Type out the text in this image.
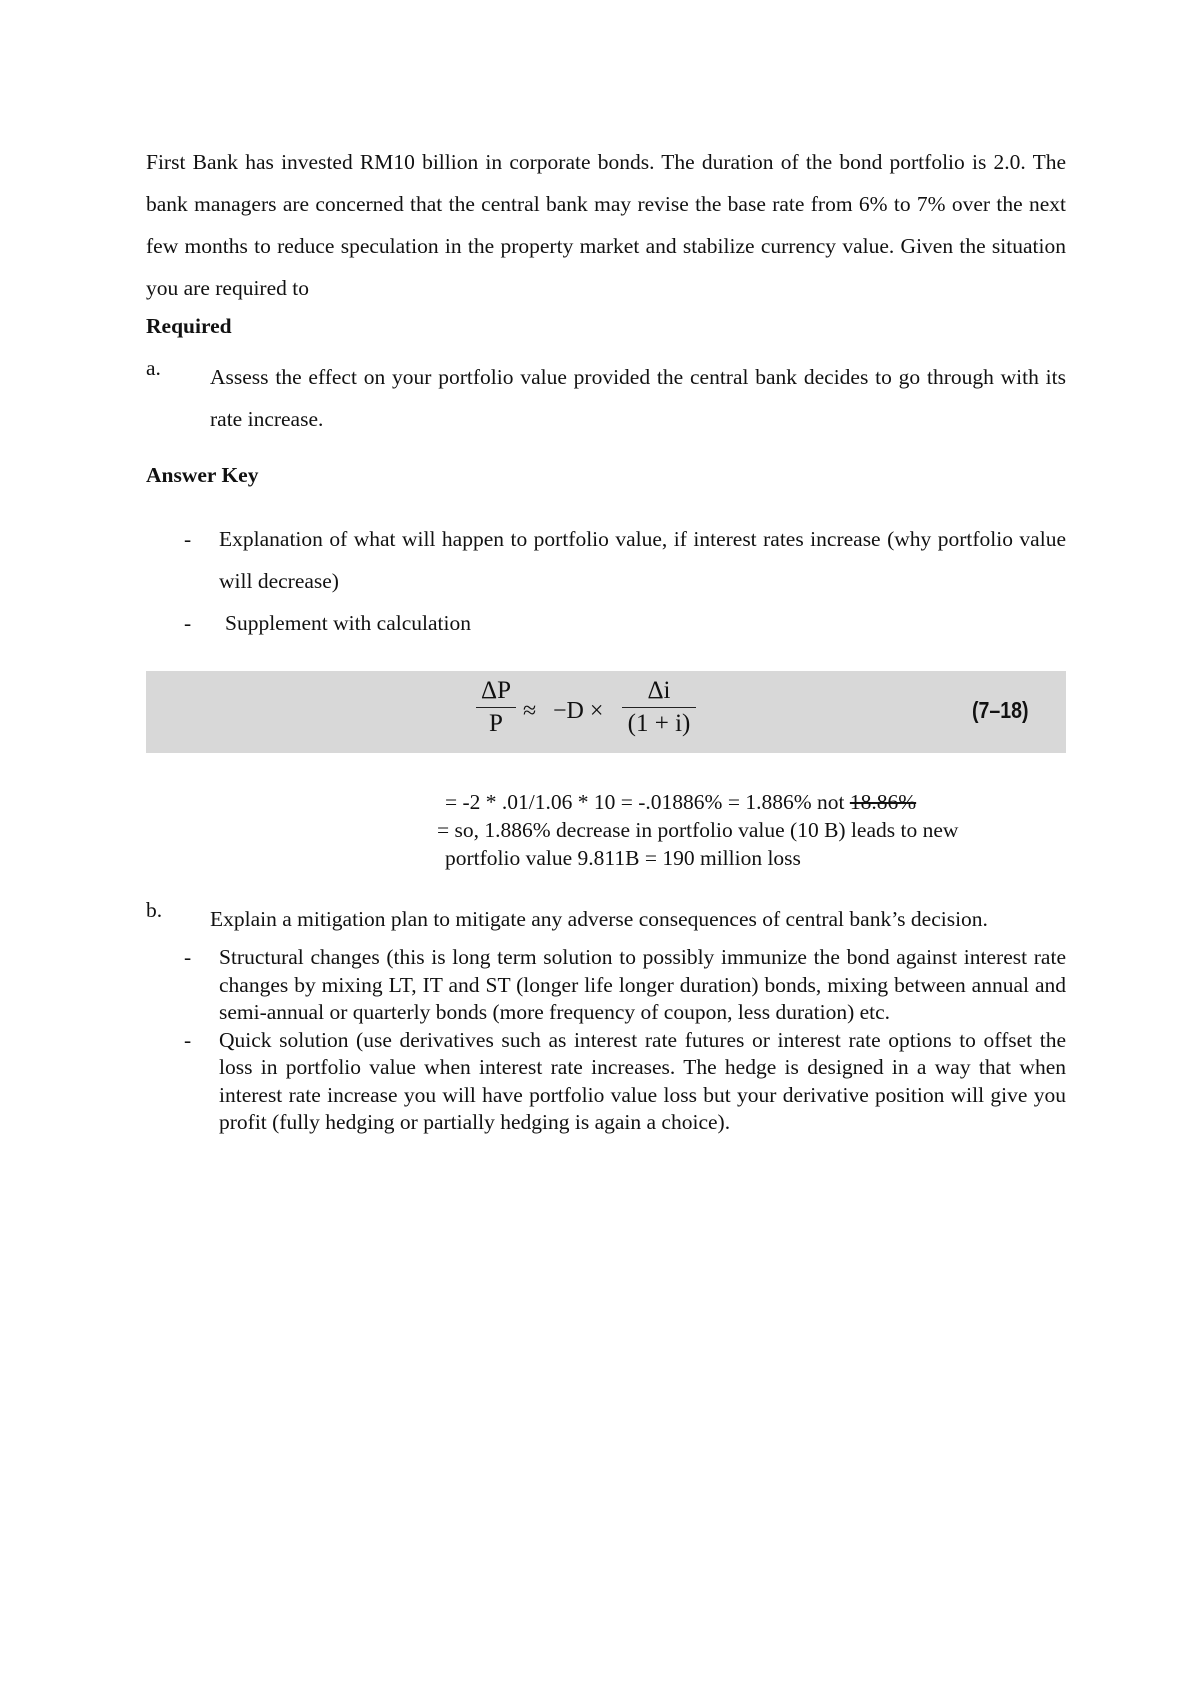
First Bank has invested RM10 billion in corporate bonds. The duration of the bond portfolio is 2.0. The bank managers are concerned that the central bank may revise the base rate from 6% to 7% over the next few months to reduce speculation in the property market and stabilize currency value. Given the situation you are required to

Required

a. Assess the effect on your portfolio value provided the central bank decides to go through with its rate increase.

Answer Key

- Explanation of what will happen to portfolio value, if interest rates increase (why portfolio value will decrease)
- Supplement with calculation
ΔP
P ≈ −D ×
Δi
(1 + i)	(7–18)
= -2 * .01/1.06 * 10 = -.01886% = 1.886% not 18.86%
= so, 1.886% decrease in portfolio value (10 B) leads to new
portfolio value 9.811B = 190 million loss
b. Explain a mitigation plan to mitigate any adverse consequences of central bank’s decision.
- Structural changes (this is long term solution to possibly immunize the bond against interest rate changes by mixing LT, IT and ST (longer life longer duration) bonds, mixing between annual and semi-annual or quarterly bonds (more frequency of coupon, less duration) etc.
- Quick solution (use derivatives such as interest rate futures or interest rate options to offset the loss in portfolio value when interest rate increases. The hedge is designed in a way that when interest rate increase you will have portfolio value loss but your derivative position will give you profit (fully hedging or partially hedging is again a choice).
